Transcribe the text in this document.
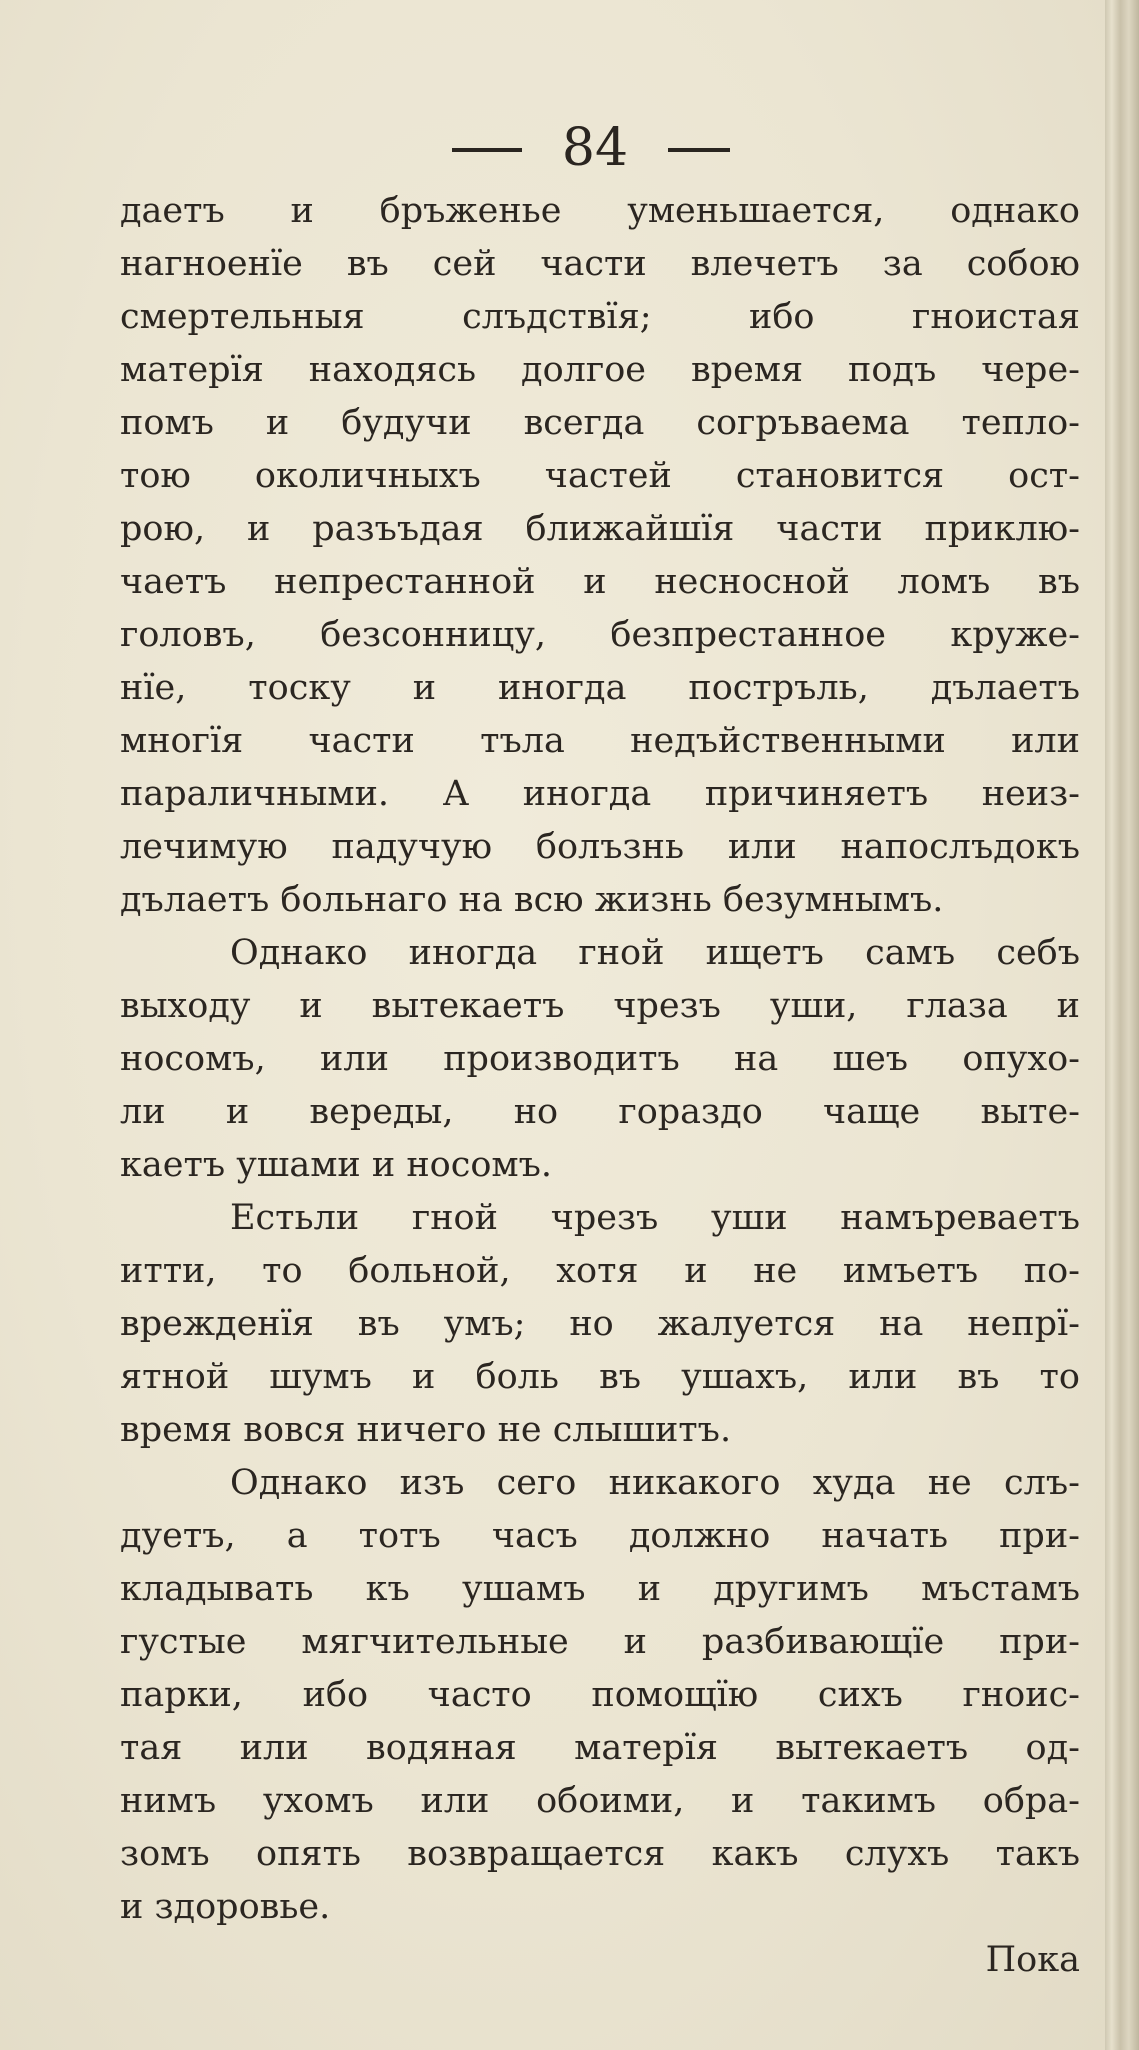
84
даетъ и бръженье уменьшается, однако
нагноенїе въ сей части влечетъ за собою
смертельныя слъдствїя; ибо гноистая
матерїя находясь долгое время подъ чере-
помъ и будучи всегда согръваема тепло-
тою околичныхъ частей становится ост-
рою, и разъъдая ближайшїя части приклю-
чаетъ непрестанной и несносной ломъ въ
головъ, безсонницу, безпрестанное круже-
нїе, тоску и иногда постръль, дълаетъ
многїя части тъла недъйственными или
параличными. А иногда причиняетъ неиз-
лечимую падучую болъзнь или напослъдокъ
дълаетъ больнаго на всю жизнь безумнымъ.
Однако иногда гной ищетъ самъ себъ
выходу и вытекаетъ чрезъ уши, глаза и
носомъ, или производитъ на шеъ опухо-
ли и вереды, но гораздо чаще выте-
каетъ ушами и носомъ.
Естьли гной чрезъ уши намъреваетъ
итти, то больной, хотя и не имъетъ по-
врежденїя въ умъ; но жалуется на непрї-
ятной шумъ и боль въ ушахъ, или въ то
время вовся ничего не слышитъ.
Однако изъ сего никакого худа не слъ-
дуетъ, а тотъ часъ должно начать при-
кладывать къ ушамъ и другимъ мъстамъ
густые мягчительные и разбивающїе при-
парки, ибо часто помощїю сихъ гноис-
тая или водяная матерїя вытекаетъ од-
нимъ ухомъ или обоими, и такимъ обра-
зомъ опять возвращается какъ слухъ такъ
и здоровье.
Пока
